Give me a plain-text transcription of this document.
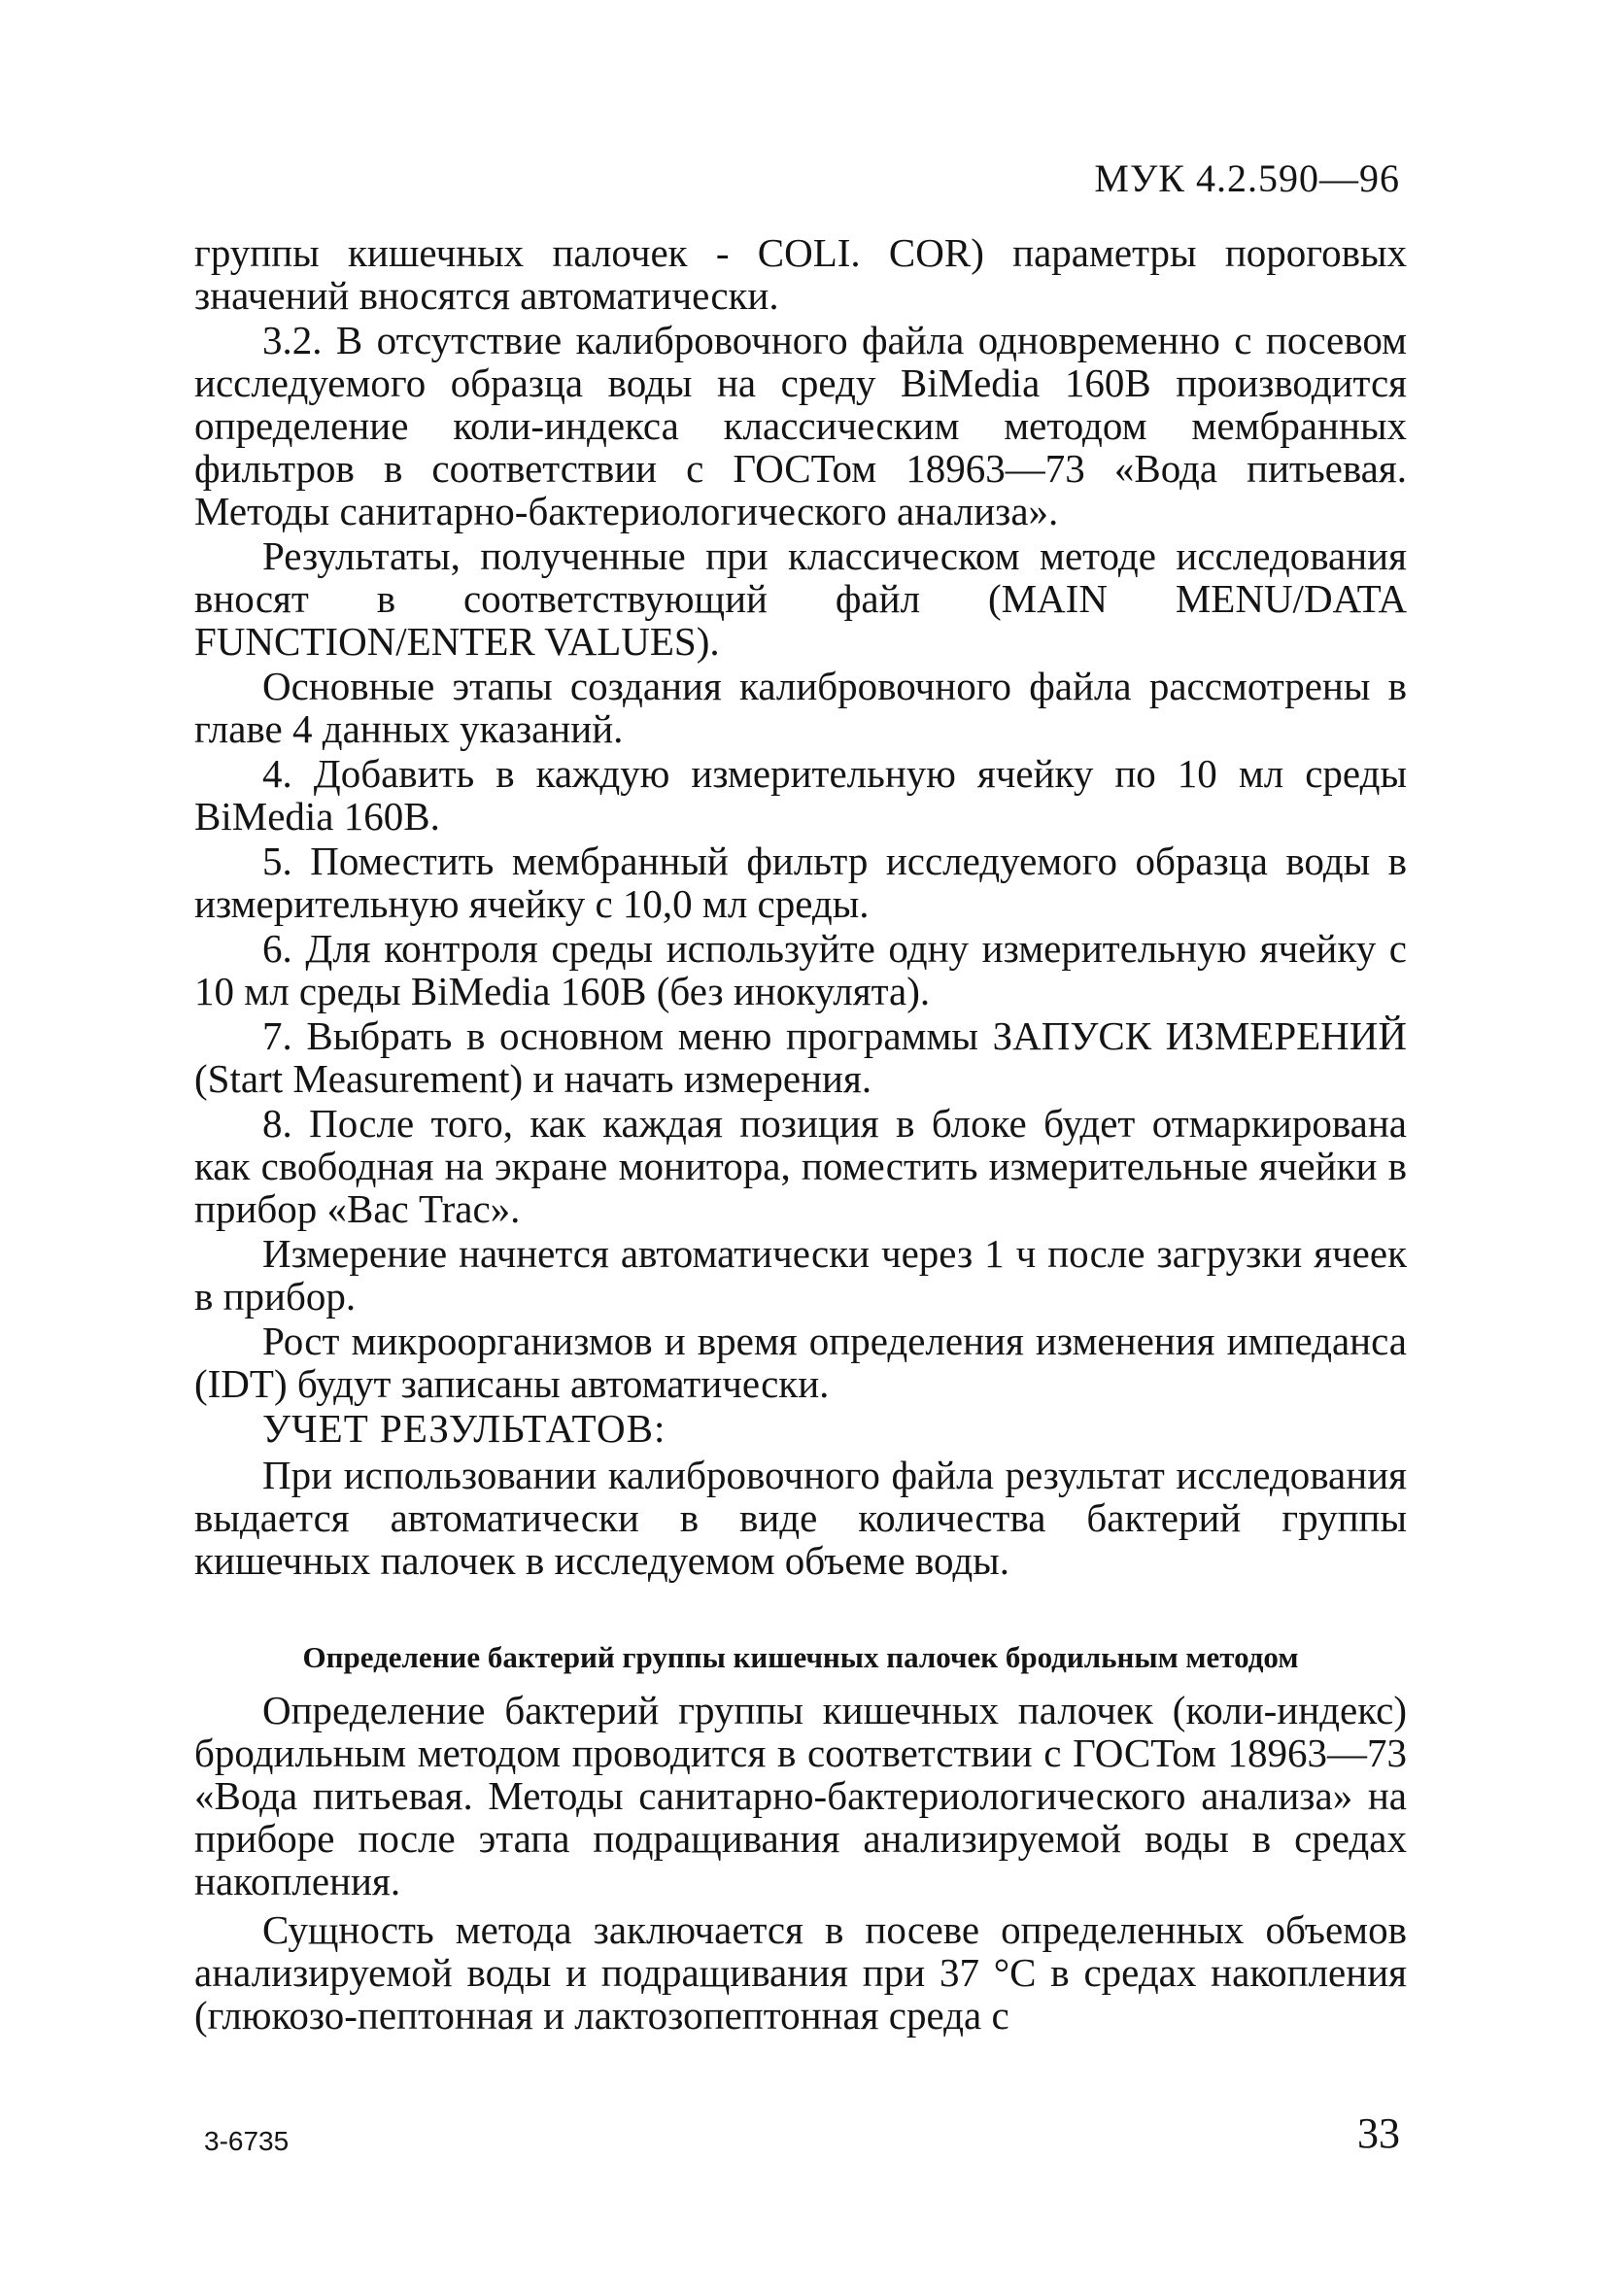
МУК 4.2.590—96

группы кишечных палочек - COLI. COR) параметры пороговых значений вносятся автоматически.

3.2. В отсутствие калибровочного файла одновременно с посевом исследуемого образца воды на среду BiMedia 160B производится определение коли-индекса классическим методом мембранных фильтров в соответствии с ГОСТом 18963—73 «Вода питьевая. Методы санитарно-бактериологического анализа».

Результаты, полученные при классическом методе исследования вносят в соответствующий файл (MAIN MENU/DATA FUNCTION/ENTER VALUES).

Основные этапы создания калибровочного файла рассмотрены в главе 4 данных указаний.

4. Добавить в каждую измерительную ячейку по 10 мл среды BiMedia 160B.

5. Поместить мембранный фильтр исследуемого образца воды в измерительную ячейку с 10,0 мл среды.

6. Для контроля среды используйте одну измерительную ячейку с 10 мл среды BiMedia 160B (без инокулята).

7. Выбрать в основном меню программы ЗАПУСК ИЗМЕРЕНИЙ (Start Measurement) и начать измерения.

8. После того, как каждая позиция в блоке будет отмаркирована как свободная на экране монитора, поместить измерительные ячейки в прибор «Вас Trac».

Измерение начнется автоматически через 1 ч после загрузки ячеек в прибор.

Рост микроорганизмов и время определения изменения импеданса (IDT) будут записаны автоматически.

УЧЕТ РЕЗУЛЬТАТОВ:

При использовании калибровочного файла результат исследования выдается автоматически в виде количества бактерий группы кишечных палочек в исследуемом объеме воды.

Определение бактерий группы кишечных палочек бродильным методом

Определение бактерий группы кишечных палочек (коли-индекс) бродильным методом проводится в соответствии с ГОСТом 18963—73 «Вода питьевая. Методы санитарно-бактериологического анализа» на приборе после этапа подращивания анализируемой воды в средах накопления.

Сущность метода заключается в посеве определенных объемов анализируемой воды и подращивания при 37 °С в средах накопления (глюкозо-пептонная и лактозопептонная среда с

3-6735	33
